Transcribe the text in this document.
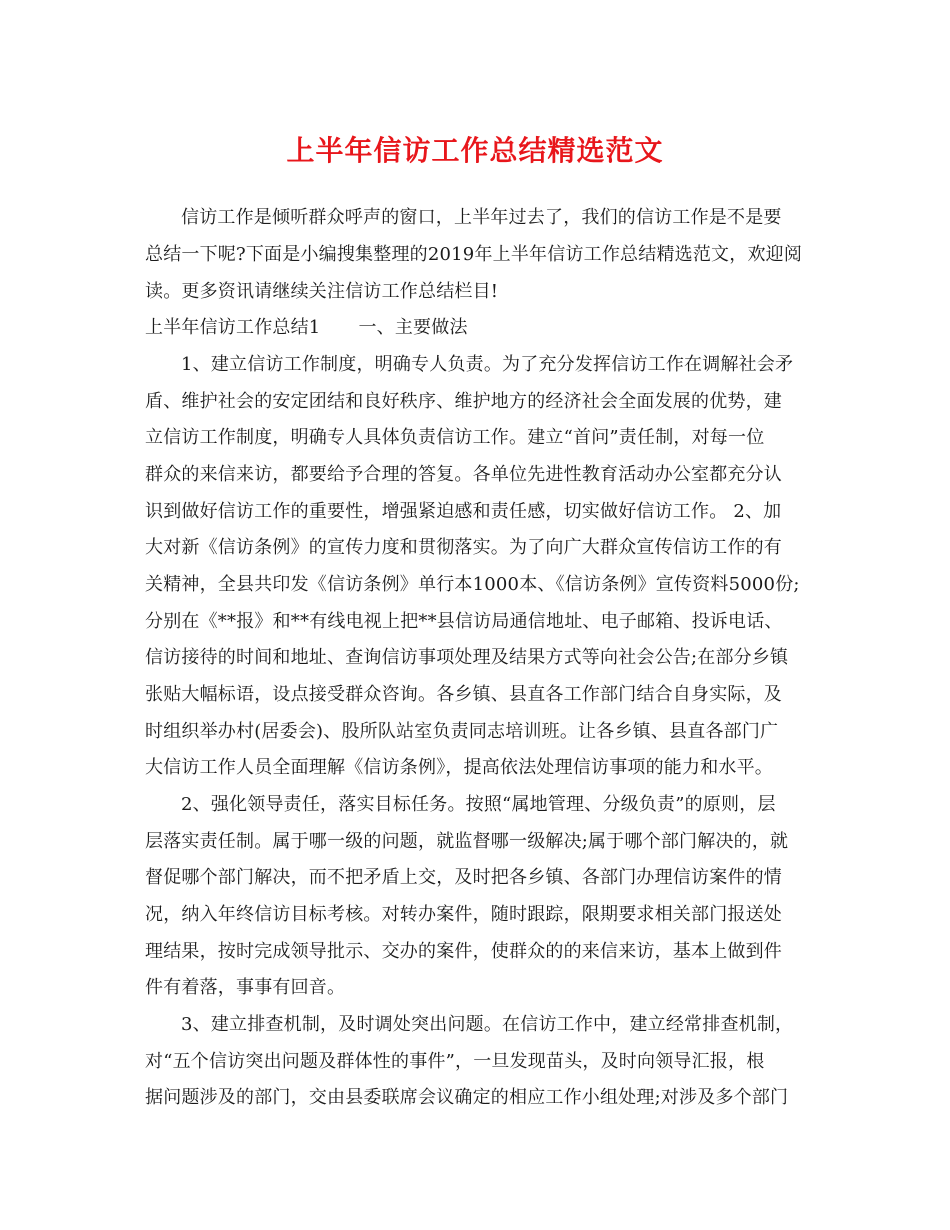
上半年信访工作总结精选范文
信访工作是倾听群众呼声的窗口，上半年过去了，我们的信访工作是不是要
总结一下呢?下面是小编搜集整理的2019年上半年信访工作总结精选范文，欢迎阅
读。更多资讯请继续关注信访工作总结栏目!
上半年信访工作总结1 一、主要做法
1、建立信访工作制度，明确专人负责。为了充分发挥信访工作在调解社会矛
盾、维护社会的安定团结和良好秩序、维护地方的经济社会全面发展的优势，建
立信访工作制度，明确专人具体负责信访工作。建立“首问”责任制，对每一位
群众的来信来访，都要给予合理的答复。各单位先进性教育活动办公室都充分认
识到做好信访工作的重要性，增强紧迫感和责任感，切实做好信访工作。 2、加
大对新《信访条例》的宣传力度和贯彻落实。为了向广大群众宣传信访工作的有
关精神，全县共印发《信访条例》单行本1000本、《信访条例》宣传资料5000份;
分别在《**报》和**有线电视上把**县信访局通信地址、电子邮箱、投诉电话、
信访接待的时间和地址、查询信访事项处理及结果方式等向社会公告;在部分乡镇
张贴大幅标语，设点接受群众咨询。各乡镇、县直各工作部门结合自身实际，及
时组织举办村(居委会)、股所队站室负责同志培训班。让各乡镇、县直各部门广
大信访工作人员全面理解《信访条例》，提高依法处理信访事项的能力和水平。
2、强化领导责任，落实目标任务。按照“属地管理、分级负责”的原则，层
层落实责任制。属于哪一级的问题，就监督哪一级解决;属于哪个部门解决的，就
督促哪个部门解决，而不把矛盾上交，及时把各乡镇、各部门办理信访案件的情
况，纳入年终信访目标考核。对转办案件，随时跟踪，限期要求相关部门报送处
理结果，按时完成领导批示、交办的案件，使群众的的来信来访，基本上做到件
件有着落，事事有回音。
3、建立排查机制，及时调处突出问题。在信访工作中，建立经常排查机制，
对“五个信访突出问题及群体性的事件”，一旦发现苗头，及时向领导汇报，根
据问题涉及的部门，交由县委联席会议确定的相应工作小组处理;对涉及多个部门
